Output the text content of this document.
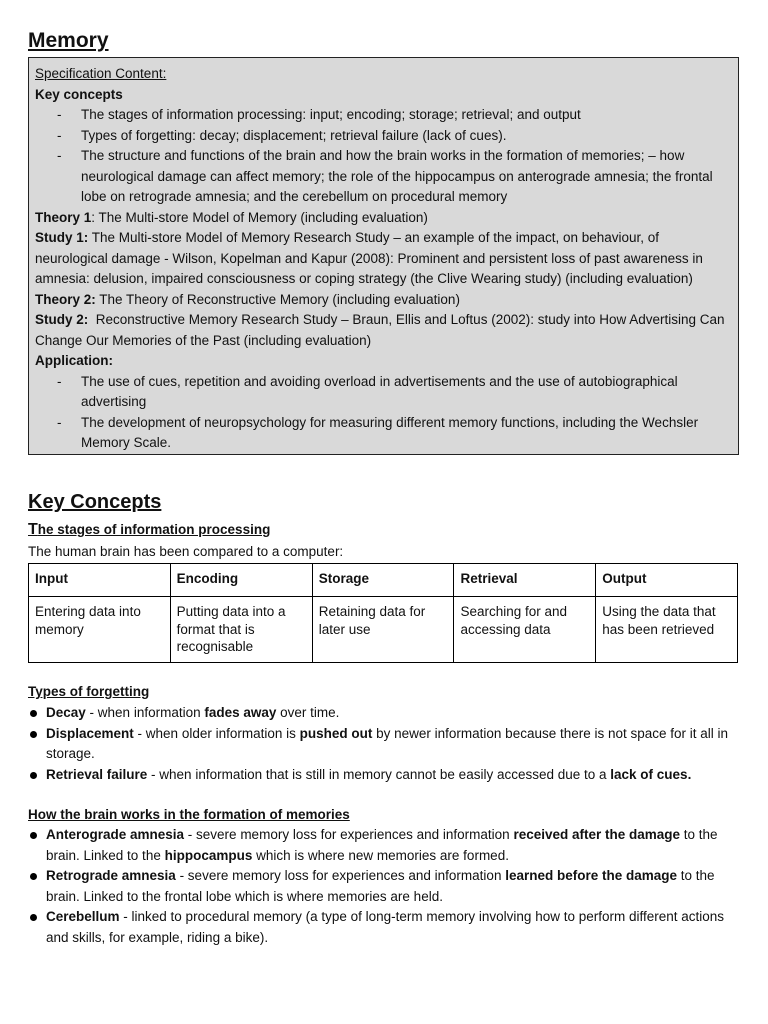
Memory
Specification Content:
Key concepts
- The stages of information processing: input; encoding; storage; retrieval; and output
- Types of forgetting: decay; displacement; retrieval failure (lack of cues).
- The structure and functions of the brain and how the brain works in the formation of memories; – how neurological damage can affect memory; the role of the hippocampus on anterograde amnesia; the frontal lobe on retrograde amnesia; and the cerebellum on procedural memory
Theory 1: The Multi-store Model of Memory (including evaluation)
Study 1: The Multi-store Model of Memory Research Study – an example of the impact, on behaviour, of neurological damage - Wilson, Kopelman and Kapur (2008): Prominent and persistent loss of past awareness in amnesia: delusion, impaired consciousness or coping strategy (the Clive Wearing study) (including evaluation)
Theory 2: The Theory of Reconstructive Memory (including evaluation)
Study 2:  Reconstructive Memory Research Study – Braun, Ellis and Loftus (2002): study into How Advertising Can Change Our Memories of the Past (including evaluation)
Application:
- The use of cues, repetition and avoiding overload in advertisements and the use of autobiographical advertising
- The development of neuropsychology for measuring different memory functions, including the Wechsler Memory Scale.
Key Concepts
The stages of information processing
The human brain has been compared to a computer:
Input	Encoding	Storage	Retrieval	Output
Entering data into memory	Putting data into a format that is recognisable	Retaining data for later use	Searching for and accessing data	Using the data that has been retrieved
Types of forgetting
Decay - when information fades away over time.
Displacement - when older information is pushed out by newer information because there is not space for it all in storage.
Retrieval failure - when information that is still in memory cannot be easily accessed due to a lack of cues.
How the brain works in the formation of memories
Anterograde amnesia - severe memory loss for experiences and information received after the damage to the brain. Linked to the hippocampus which is where new memories are formed.
Retrograde amnesia - severe memory loss for experiences and information learned before the damage to the brain. Linked to the frontal lobe which is where memories are held.
Cerebellum - linked to procedural memory (a type of long-term memory involving how to perform different actions and skills, for example, riding a bike).
